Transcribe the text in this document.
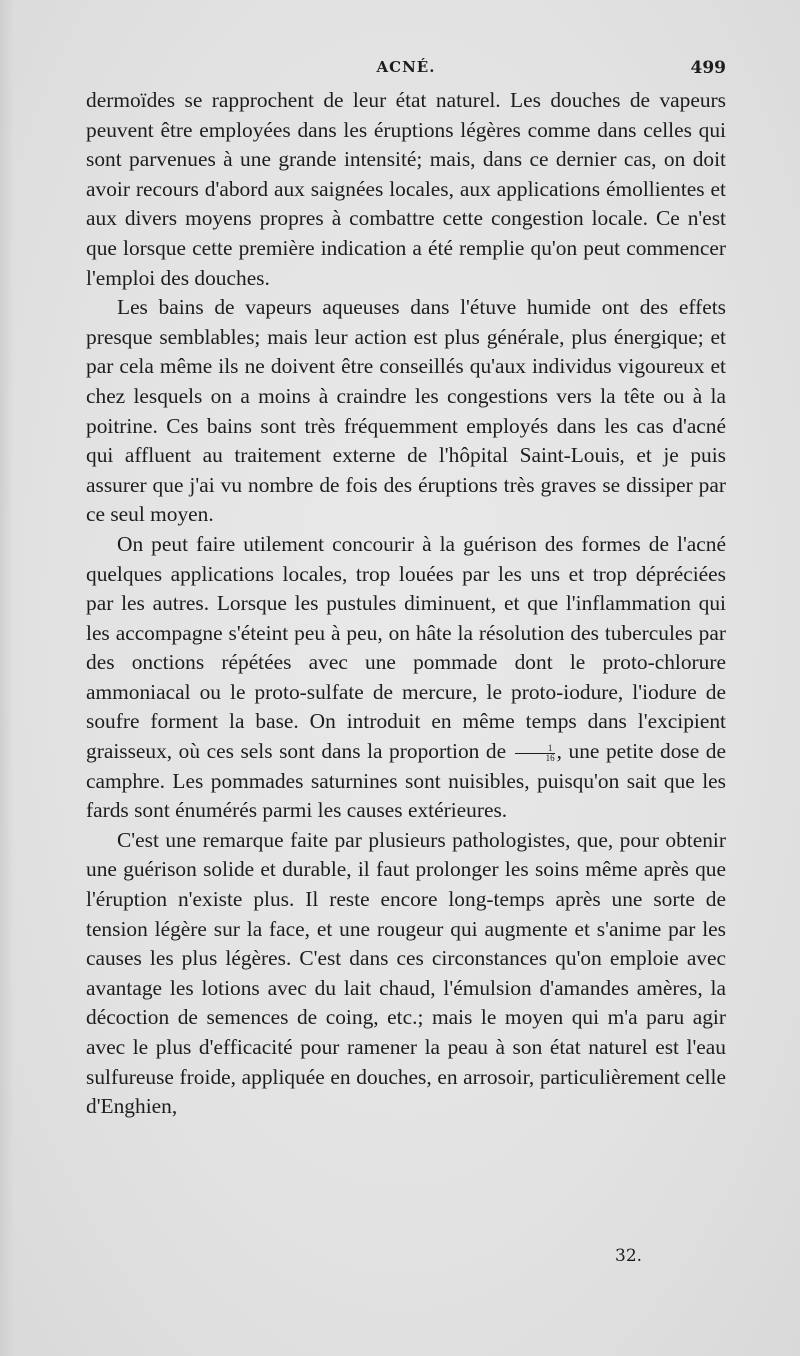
ACNÉ.	499

dermoïdes se rapprochent de leur état naturel. Les douches de vapeurs peuvent être employées dans les éruptions légères comme dans celles qui sont parvenues à une grande intensité; mais, dans ce dernier cas, on doit avoir recours d'abord aux saignées locales, aux applications émollientes et aux divers moyens propres à combattre cette congestion locale. Ce n'est que lorsque cette première indication a été remplie qu'on peut commencer l'emploi des douches.

Les bains de vapeurs aqueuses dans l'étuve humide ont des effets presque semblables; mais leur action est plus générale, plus énergique; et par cela même ils ne doivent être conseillés qu'aux individus vigoureux et chez lesquels on a moins à craindre les congestions vers la tête ou à la poitrine. Ces bains sont très fréquemment employés dans les cas d'acné qui affluent au traitement externe de l'hôpital Saint-Louis, et je puis assurer que j'ai vu nombre de fois des éruptions très graves se dissiper par ce seul moyen.

On peut faire utilement concourir à la guérison des formes de l'acné quelques applications locales, trop louées par les uns et trop dépréciées par les autres. Lorsque les pustules diminuent, et que l'inflammation qui les accompagne s'éteint peu à peu, on hâte la résolution des tubercules par des onctions répétées avec une pommade dont le proto-chlorure ammoniacal ou le proto-sulfate de mercure, le proto-iodure, l'iodure de soufre forment la base. On introduit en même temps dans l'excipient graisseux, où ces sels sont dans la proportion de $\frac{1}{16}$ , une petite dose de camphre. Les pommades saturnines sont nuisibles, puisqu'on sait que les fards sont énumérés parmi les causes extérieures.

C'est une remarque faite par plusieurs pathologistes, que, pour obtenir une guérison solide et durable, il faut prolonger les soins même après que l'éruption n'existe plus. Il reste encore long-temps après une sorte de tension légère sur la face, et une rougeur qui augmente et s'anime par les causes les plus légères. C'est dans ces circonstances qu'on emploie avec avantage les lotions avec du lait chaud, l'émulsion d'amandes amères, la décoction de semences de coing, etc.; mais le moyen qui m'a paru agir avec le plus d'efficacité pour ramener la peau à son état naturel est l'eau sulfureuse froide, appliquée en douches, en arrosoir, particulièrement celle d'Enghien,

32.
